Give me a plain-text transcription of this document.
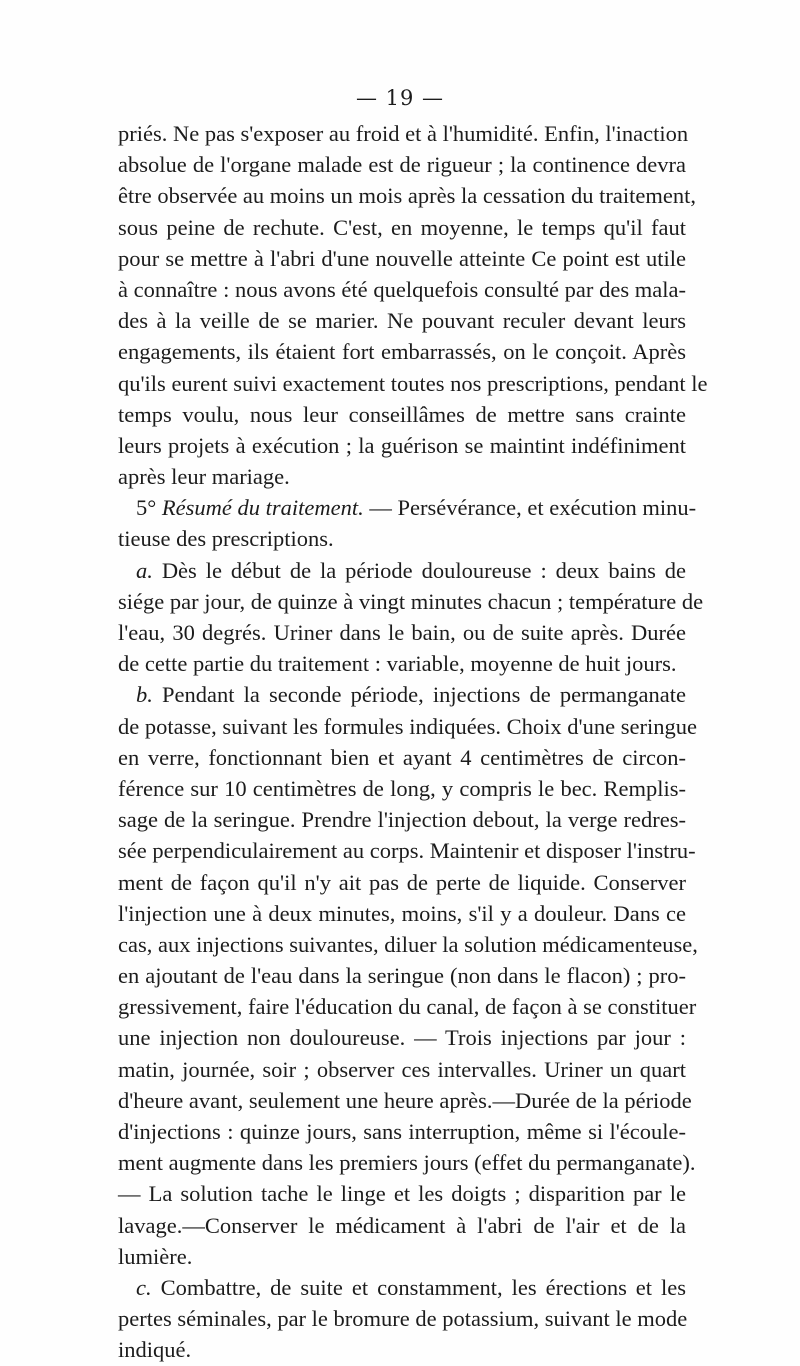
— 19 —
priés. Ne pas s'exposer au froid et à l'humidité. Enfin, l'inaction
absolue de l'organe malade est de rigueur ; la continence devra
être observée au moins un mois après la cessation du traitement,
sous peine de rechute. C'est, en moyenne, le temps qu'il faut
pour se mettre à l'abri d'une nouvelle atteinte Ce point est utile
à connaître : nous avons été quelquefois consulté par des mala-
des à la veille de se marier. Ne pouvant reculer devant leurs
engagements, ils étaient fort embarrassés, on le conçoit. Après
qu'ils eurent suivi exactement toutes nos prescriptions, pendant le
temps voulu, nous leur conseillâmes de mettre sans crainte
leurs projets à exécution ; la guérison se maintint indéfiniment
après leur mariage.
5° Résumé du traitement. — Persévérance, et exécution minu-
tieuse des prescriptions.
a. Dès le début de la période douloureuse : deux bains de
siége par jour, de quinze à vingt minutes chacun ; température de
l'eau, 30 degrés. Uriner dans le bain, ou de suite après. Durée
de cette partie du traitement : variable, moyenne de huit jours.
b. Pendant la seconde période, injections de permanganate
de potasse, suivant les formules indiquées. Choix d'une seringue
en verre, fonctionnant bien et ayant 4 centimètres de circon-
férence sur 10 centimètres de long, y compris le bec. Remplis-
sage de la seringue. Prendre l'injection debout, la verge redres-
sée perpendiculairement au corps. Maintenir et disposer l'instru-
ment de façon qu'il n'y ait pas de perte de liquide. Conserver
l'injection une à deux minutes, moins, s'il y a douleur. Dans ce
cas, aux injections suivantes, diluer la solution médicamenteuse,
en ajoutant de l'eau dans la seringue (non dans le flacon) ; pro-
gressivement, faire l'éducation du canal, de façon à se constituer
une injection non douloureuse. — Trois injections par jour :
matin, journée, soir ; observer ces intervalles. Uriner un quart
d'heure avant, seulement une heure après.—Durée de la période
d'injections : quinze jours, sans interruption, même si l'écoule-
ment augmente dans les premiers jours (effet du permanganate).
— La solution tache le linge et les doigts ; disparition par le
lavage.—Conserver le médicament à l'abri de l'air et de la
lumière.
c. Combattre, de suite et constamment, les érections et les
pertes séminales, par le bromure de potassium, suivant le mode
indiqué.
